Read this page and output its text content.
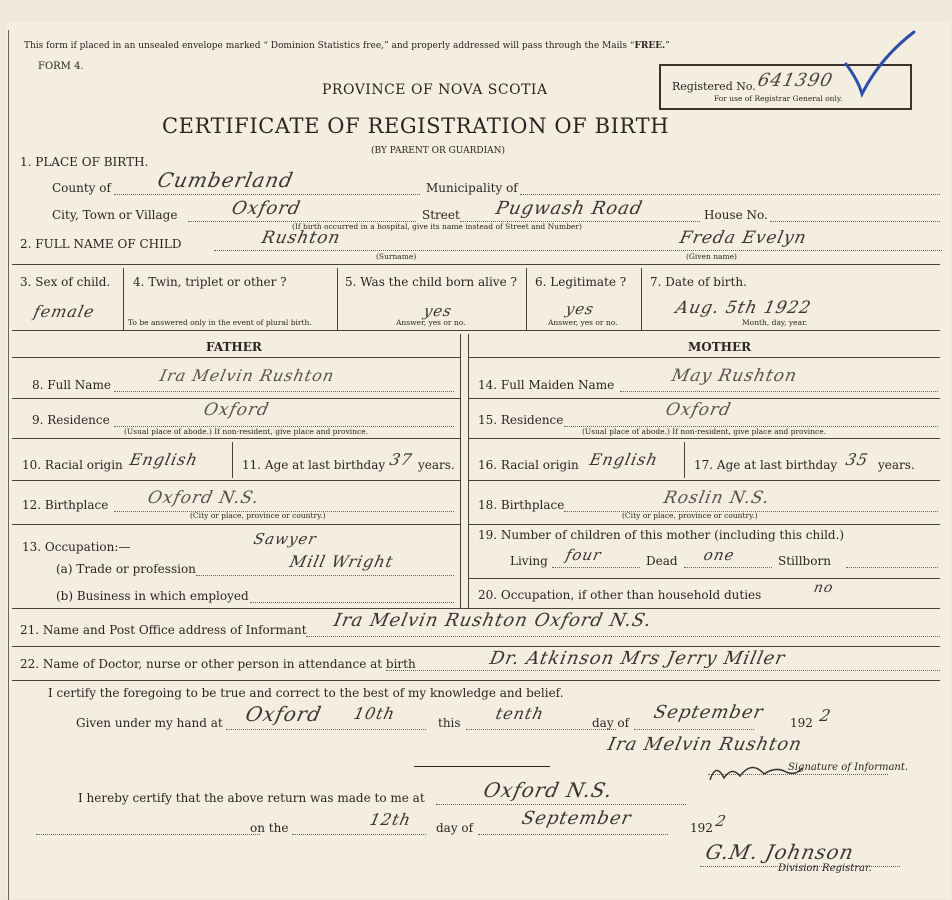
This form if placed in an unsealed envelope marked “ Dominion Statistics free,” and properly addressed will pass through the Mails “FREE.”
FORM 4.
PROVINCE OF NOVA SCOTIA
CERTIFICATE OF REGISTRATION OF BIRTH
(BY PARENT OR GUARDIAN)
Registered No. 641390
For use of Registrar General only.
1. PLACE OF BIRTH.
County of Cumberland	Municipality of
City, Town or Village	Oxford	Street Pugwash Road	House No.
(If birth occurred in a hospital, give its name instead of Street and Number)
2. FULL NAME OF CHILD	Rushton	Freda Evelyn
(Surname)	(Given name)
3. Sex of child.
female
4. Twin, triplet or other ?
To be answered only in the event of plural birth.
5. Was the child born alive ?
yes
Answer, yes or no.
6. Legitimate ?
yes
Answer, yes or no.
7. Date of birth.
Aug. 5th 1922
Month, day, year.
FATHER	MOTHER
8. Full Name	Ira Melvin Rushton
9. Residence	Oxford
(Usual place of abode.) If non-resident, give place and province.
10. Racial origin English	11. Age at last birthday 37 years.
12. Birthplace Oxford N.S.
(City or place, province or country.)
13. Occupation:—	Sawyer
(a) Trade or profession	Mill Wright
(b) Business in which employed
14. Full Maiden Name	May Rushton
15. Residence	Oxford
(Usual place of abode.) If non-resident, give place and province.
16. Racial origin English	17. Age at last birthday 35 years.
18. Birthplace	Roslin N.S.
(City or place, province or country.)
19. Number of children of this mother (including this child.)
Living four	Dead one	Stillborn
20. Occupation, if other than household duties	no
21. Name and Post Office address of Informant Ira Melvin Rushton Oxford N.S.
22. Name of Doctor, nurse or other person in attendance at birth	Dr. Atkinson Mrs Jerry Miller
I certify the foregoing to be true and correct to the best of my knowledge and belief.
Given under my hand at Oxford 10th	this tenth	day of September 192 2
Ira Melvin Rushton
Signature of Informant.
I hereby certify that the above return was made to me at	Oxford N.S.
on the	12th day of	September	192 2
G.M. Johnson
Division Registrar.
